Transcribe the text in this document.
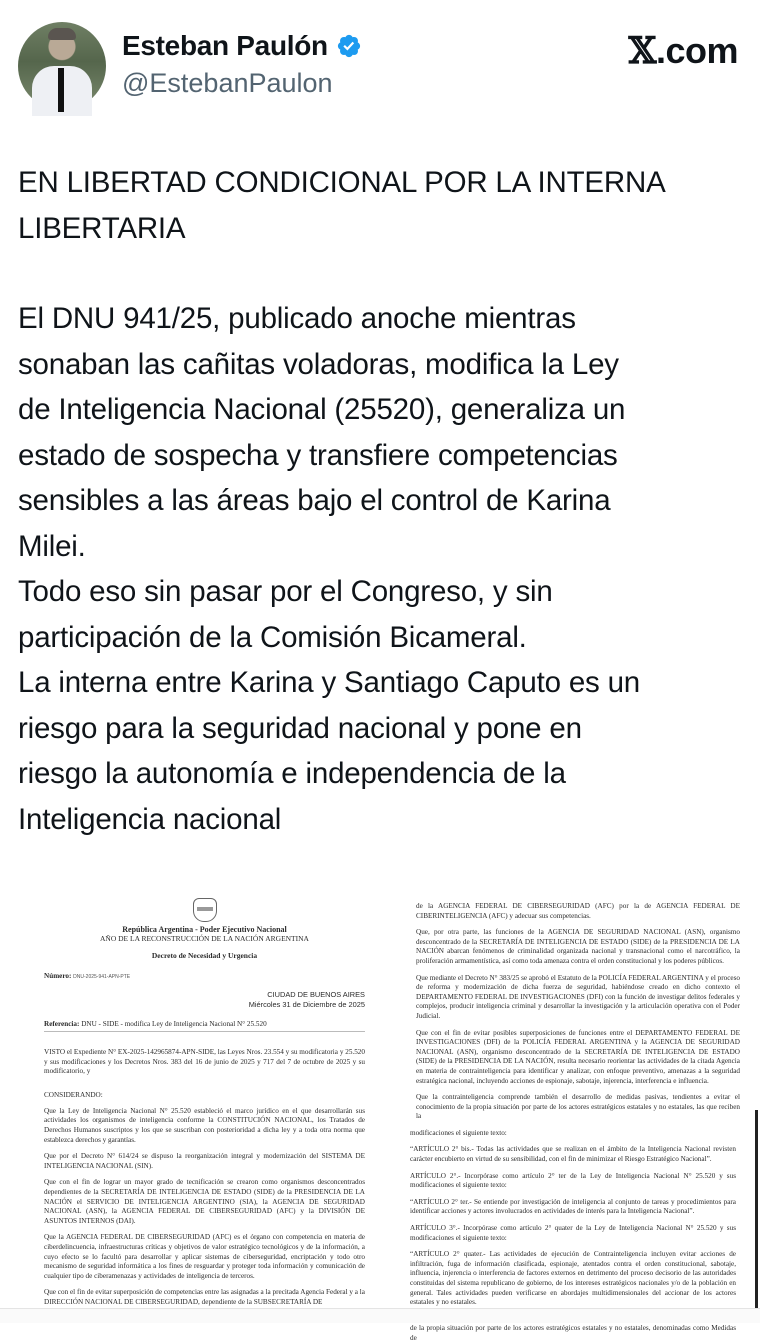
Esteban Paulón
@EstebanPaulon
𝕏.com

EN LIBERTAD CONDICIONAL POR LA INTERNA

LIBERTARIA

El DNU 941/25, publicado anoche mientras

sonaban las cañitas voladoras, modifica la Ley

de Inteligencia Nacional (25520), generaliza un

estado de sospecha y transfiere competencias

sensibles a las áreas bajo el control de Karina

Milei.

Todo eso sin pasar por el Congreso, y sin

participación de la Comisión Bicameral.

La interna entre Karina y Santiago Caputo es un

riesgo para la seguridad nacional y pone en

riesgo la autonomía e independencia de la

Inteligencia nacional

República Argentina - Poder Ejecutivo Nacional
AÑO DE LA RECONSTRUCCIÓN DE LA NACIÓN ARGENTINA
Decreto de Necesidad y Urgencia
Número: DNU-2025-941-APN-PTE
CIUDAD DE BUENOS AIRES
Miércoles 31 de Diciembre de 2025
Referencia: DNU - SIDE - modifica Ley de Inteligencia Nacional N° 25.520

VISTO el Expediente N° EX-2025-142965874-APN-SIDE, las Leyes Nros. 23.554 y su modificatoria y 25.520 y sus modificaciones y los Decretos Nros. 383 del 16 de junio de 2025 y 717 del 7 de octubre de 2025 y su modificatorio, y

CONSIDERANDO:

Que la Ley de Inteligencia Nacional N° 25.520 estableció el marco jurídico en el que desarrollarán sus actividades los organismos de inteligencia conforme la CONSTITUCIÓN NACIONAL, los Tratados de Derechos Humanos suscriptos y los que se suscriban con posterioridad a dicha ley y a toda otra norma que establezca derechos y garantías.

Que por el Decreto N° 614/24 se dispuso la reorganización integral y modernización del SISTEMA DE INTELIGENCIA NACIONAL (SIN).

Que con el fin de lograr un mayor grado de tecnificación se crearon como organismos desconcentrados dependientes de la SECRETARÍA DE INTELIGENCIA DE ESTADO (SIDE) de la PRESIDENCIA DE LA NACIÓN el SERVICIO DE INTELIGENCIA ARGENTINO (SIA), la AGENCIA DE SEGURIDAD NACIONAL (ASN), la AGENCIA FEDERAL DE CIBERSEGURIDAD (AFC) y la DIVISIÓN DE ASUNTOS INTERNOS (DAI).

Que la AGENCIA FEDERAL DE CIBERSEGURIDAD (AFC) es el órgano con competencia en materia de ciberdelincuencia, infraestructuras críticas y objetivos de valor estratégico tecnológicos y de la información, a cuyo efecto se lo facultó para desarrollar y aplicar sistemas de ciberseguridad, encriptación y todo otro mecanismo de seguridad informática a los fines de resguardar y proteger toda información y comunicación de cualquier tipo de ciberamenazas y actividades de inteligencia de terceros.

Que con el fin de evitar superposición de competencias entre las asignadas a la precitada Agencia Federal y a la DIRECCIÓN NACIONAL DE CIBERSEGURIDAD, dependiente de la SUBSECRETARÍA DE

de la AGENCIA FEDERAL DE CIBERSEGURIDAD (AFC) por la de AGENCIA FEDERAL DE CIBERINTELIGENCIA (AFC) y adecuar sus competencias.

Que, por otra parte, las funciones de la AGENCIA DE SEGURIDAD NACIONAL (ASN), organismo desconcentrado de la SECRETARÍA DE INTELIGENCIA DE ESTADO (SIDE) de la PRESIDENCIA DE LA NACIÓN abarcan fenómenos de criminalidad organizada nacional y transnacional como el narcotráfico, la proliferación armamentística, así como toda amenaza contra el orden constitucional y los poderes públicos.

Que mediante el Decreto N° 383/25 se aprobó el Estatuto de la POLICÍA FEDERAL ARGENTINA y el proceso de reforma y modernización de dicha fuerza de seguridad, habiéndose creado en dicho contexto el DEPARTAMENTO FEDERAL DE INVESTIGACIONES (DFI) con la función de investigar delitos federales y complejos, producir inteligencia criminal y desarrollar la investigación y la articulación operativa con el Poder Judicial.

Que con el fin de evitar posibles superposiciones de funciones entre el DEPARTAMENTO FEDERAL DE INVESTIGACIONES (DFI) de la POLICÍA FEDERAL ARGENTINA y la AGENCIA DE SEGURIDAD NACIONAL (ASN), organismo desconcentrado de la SECRETARÍA DE INTELIGENCIA DE ESTADO (SIDE) de la PRESIDENCIA DE LA NACIÓN, resulta necesario reorientar las actividades de la citada Agencia en materia de contrainteligencia para identificar y analizar, con enfoque preventivo, amenazas a la seguridad estratégica nacional, incluyendo acciones de espionaje, sabotaje, injerencia, interferencia e influencia.

Que la contrainteligencia comprende también el desarrollo de medidas pasivas, tendientes a evitar el conocimiento de la propia situación por parte de los actores estratégicos estatales y no estatales, las que reciben la

modificaciones el siguiente texto:

“ARTÍCULO 2° bis.- Todas las actividades que se realizan en el ámbito de la Inteligencia Nacional revisten carácter encubierto en virtud de su sensibilidad, con el fin de minimizar el Riesgo Estratégico Nacional”.

ARTÍCULO 2°.- Incorpórase como artículo 2° ter de la Ley de Inteligencia Nacional N° 25.520 y sus modificaciones el siguiente texto:

“ARTÍCULO 2° ter.- Se entiende por investigación de inteligencia al conjunto de tareas y procedimientos para identificar acciones y actores involucrados en actividades de interés para la Inteligencia Nacional”.

ARTÍCULO 3°.- Incorpórase como artículo 2° quater de la Ley de Inteligencia Nacional N° 25.520 y sus modificaciones el siguiente texto:

“ARTÍCULO 2° quater.- Las actividades de ejecución de Contrainteligencia incluyen evitar acciones de infiltración, fuga de información clasificada, espionaje, atentados contra el orden constitucional, sabotaje, influencia, injerencia o interferencia de factores externos en detrimento del proceso decisorio de las autoridades constituidas del sistema republicano de gobierno, de los intereses estratégicos nacionales y/o de la población en general. Tales actividades pueden verificarse en abordajes multidimensionales del accionar de los actores estatales y no estatales.

de la propia situación por parte de los actores estratégicos estatales y no estatales, denominadas como Medidas de
